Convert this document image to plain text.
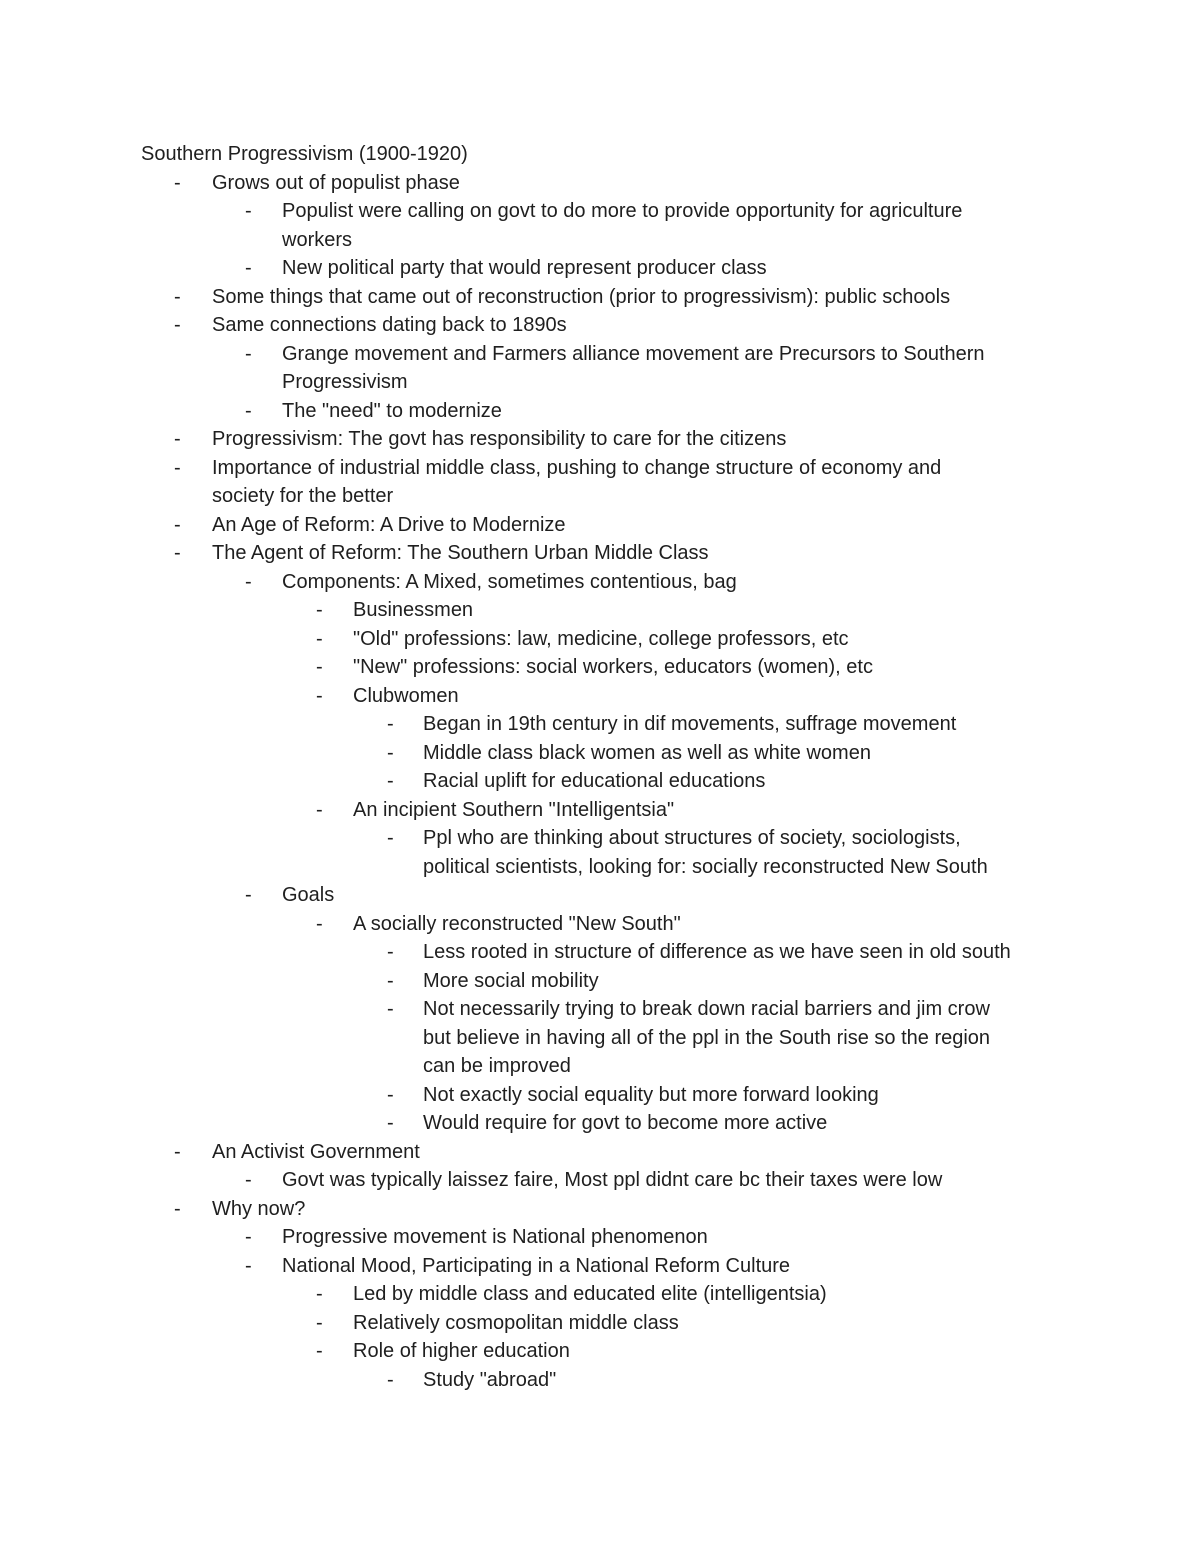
Southern Progressivism (1900-1920)
-	Grows out of populist phase
-	Populist were calling on govt to do more to provide opportunity for agriculture
workers
-	New political party that would represent producer class
-	Some things that came out of reconstruction (prior to progressivism): public schools
-	Same connections dating back to 1890s
-	Grange movement and Farmers alliance movement are Precursors to Southern
Progressivism
-	The "need" to modernize
-	Progressivism: The govt has responsibility to care for the citizens
-	Importance of industrial middle class, pushing to change structure of economy and
society for the better
-	An Age of Reform: A Drive to Modernize
-	The Agent of Reform: The Southern Urban Middle Class
-	Components: A Mixed, sometimes contentious, bag
-	Businessmen
-	"Old" professions: law, medicine, college professors, etc
-	"New" professions: social workers, educators (women), etc
-	Clubwomen
-	Began in 19th century in dif movements, suffrage movement
-	Middle class black women as well as white women
-	Racial uplift for educational educations
-	An incipient Southern "Intelligentsia"
-	Ppl who are thinking about structures of society, sociologists,
political scientists, looking for: socially reconstructed New South
-	Goals
-	A socially reconstructed "New South"
-	Less rooted in structure of difference as we have seen in old south
-	More social mobility
-	Not necessarily trying to break down racial barriers and jim crow
but believe in having all of the ppl in the South rise so the region
can be improved
-	Not exactly social equality but more forward looking
-	Would require for govt to become more active
-	An Activist Government
-	Govt was typically laissez faire, Most ppl didnt care bc their taxes were low
-	Why now?
-	Progressive movement is National phenomenon
-	National Mood, Participating in a National Reform Culture
-	Led by middle class and educated elite (intelligentsia)
-	Relatively cosmopolitan middle class
-	Role of higher education
-	Study "abroad"
